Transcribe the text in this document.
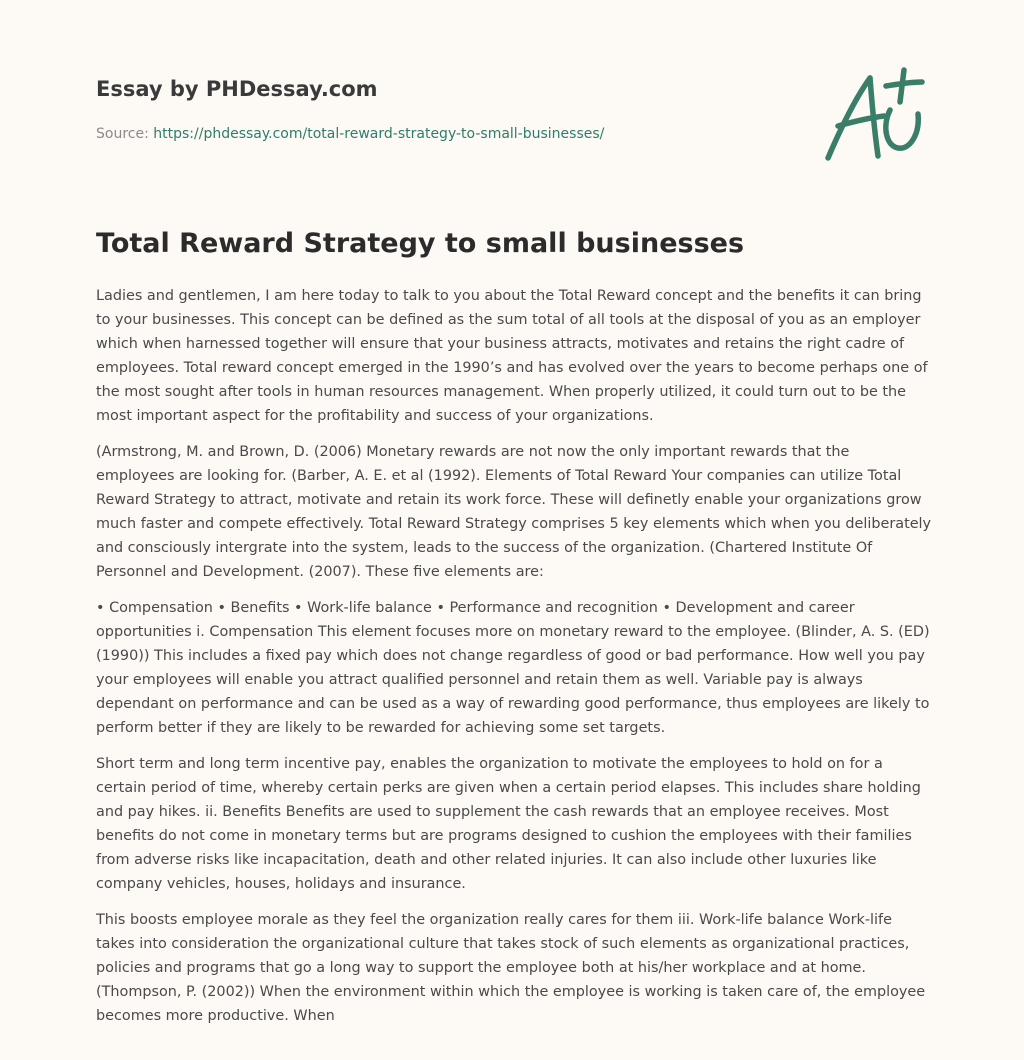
Essay by PHDessay.com
Source: https://phdessay.com/total-reward-strategy-to-small-businesses/
Total Reward Strategy to small businesses

Ladies and gentlemen, I am here today to talk to you about the Total Reward concept and the benefits it can bring to your businesses. This concept can be defined as the sum total of all tools at the disposal of you as an employer which when harnessed together will ensure that your business attracts, motivates and retains the right cadre of employees. Total reward concept emerged in the 1990’s and has evolved over the years to become perhaps one of the most sought after tools in human resources management. When properly utilized, it could turn out to be the most important aspect for the profitability and success of your organizations.

(Armstrong, M. and Brown, D. (2006) Monetary rewards are not now the only important rewards that the employees are looking for. (Barber, A. E. et al (1992). Elements of Total Reward Your companies can utilize Total Reward Strategy to attract, motivate and retain its work force. These will definetly enable your organizations grow much faster and compete effectively. Total Reward Strategy comprises 5 key elements which when you deliberately and consciously intergrate into the system, leads to the success of the organization. (Chartered Institute Of Personnel and Development. (2007). These five elements are:

• Compensation • Benefits • Work-life balance • Performance and recognition • Development and career opportunities i. Compensation This element focuses more on monetary reward to the employee. (Blinder, A. S. (ED) (1990)) This includes a fixed pay which does not change regardless of good or bad performance. How well you pay your employees will enable you attract qualified personnel and retain them as well. Variable pay is always dependant on performance and can be used as a way of rewarding good performance, thus employees are likely to perform better if they are likely to be rewarded for achieving some set targets.

Short term and long term incentive pay, enables the organization to motivate the employees to hold on for a certain period of time, whereby certain perks are given when a certain period elapses. This includes share holding and pay hikes. ii. Benefits Benefits are used to supplement the cash rewards that an employee receives. Most benefits do not come in monetary terms but are programs designed to cushion the employees with their families from adverse risks like incapacitation, death and other related injuries. It can also include other luxuries like company vehicles, houses, holidays and insurance.

This boosts employee morale as they feel the organization really cares for them iii. Work-life balance Work-life takes into consideration the organizational culture that takes stock of such elements as organizational practices, policies and programs that go a long way to support the employee both at his/her workplace and at home. (Thompson, P. (2002)) When the environment within which the employee is working is taken care of, the employee becomes more productive. When
